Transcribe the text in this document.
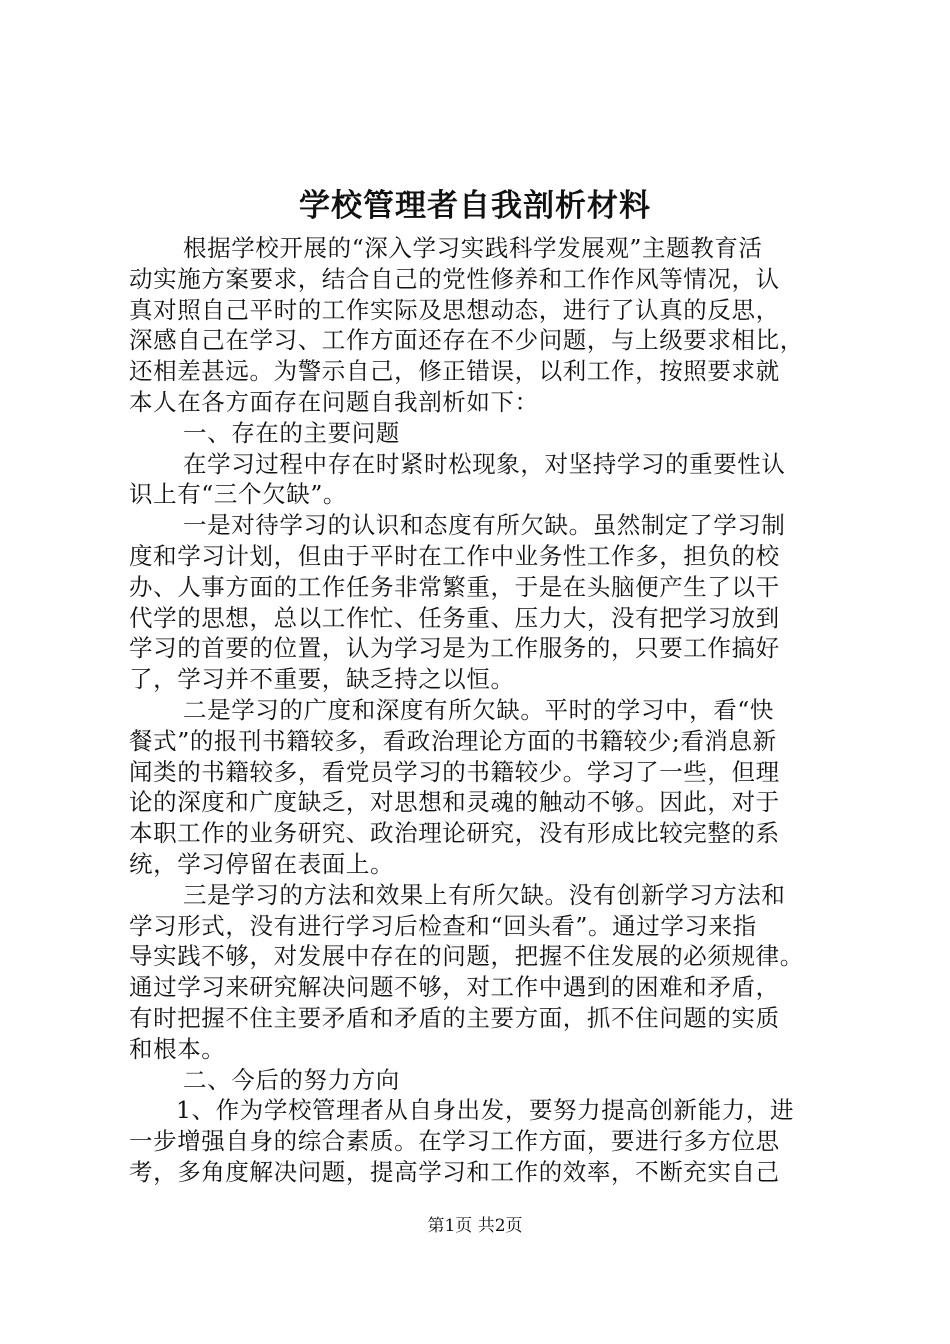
学校管理者自我剖析材料
根据学校开展的“深入学习实践科学发展观”主题教育活
动实施方案要求，结合自己的党性修养和工作作风等情况，认
真对照自己平时的工作实际及思想动态，进行了认真的反思，
深感自己在学习、工作方面还存在不少问题，与上级要求相比，
还相差甚远。为警示自己，修正错误，以利工作，按照要求就
本人在各方面存在问题自我剖析如下：
一、存在的主要问题
在学习过程中存在时紧时松现象，对坚持学习的重要性认
识上有“三个欠缺”。
一是对待学习的认识和态度有所欠缺。虽然制定了学习制
度和学习计划，但由于平时在工作中业务性工作多，担负的校
办、人事方面的工作任务非常繁重，于是在头脑便产生了以干
代学的思想，总以工作忙、任务重、压力大，没有把学习放到
学习的首要的位置，认为学习是为工作服务的，只要工作搞好
了，学习并不重要，缺乏持之以恒。
二是学习的广度和深度有所欠缺。平时的学习中，看“快
餐式”的报刊书籍较多，看政治理论方面的书籍较少;看消息新
闻类的书籍较多，看党员学习的书籍较少。学习了一些，但理
论的深度和广度缺乏，对思想和灵魂的触动不够。因此，对于
本职工作的业务研究、政治理论研究，没有形成比较完整的系
统，学习停留在表面上。
三是学习的方法和效果上有所欠缺。没有创新学习方法和
学习形式，没有进行学习后检查和“回头看”。通过学习来指
导实践不够，对发展中存在的问题，把握不住发展的必须规律。
通过学习来研究解决问题不够，对工作中遇到的困难和矛盾，
有时把握不住主要矛盾和矛盾的主要方面，抓不住问题的实质
和根本。
二、今后的努力方向
1、作为学校管理者从自身出发，要努力提高创新能力，进
一步增强自身的综合素质。在学习工作方面，要进行多方位思
考，多角度解决问题，提高学习和工作的效率，不断充实自己
第1页 共2页
